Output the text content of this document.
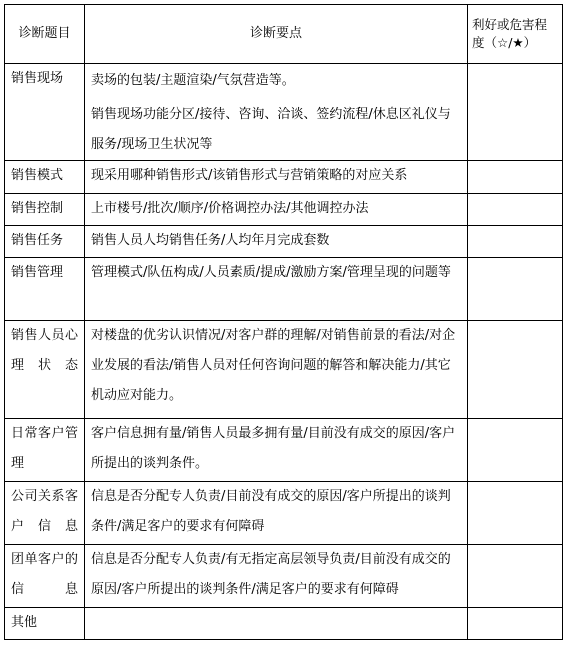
诊断题目	诊断要点	利好或危害程度（☆/★）
销售现场	卖场的包装/主题渲染/气氛营造等。
销售现场功能分区/接待、咨询、洽谈、签约流程/休息区礼仪与服务/现场卫生状况等	

销售模式	现采用哪种销售形式/该销售形式与营销策略的对应关系	
销售控制	上市楼号/批次/顺序/价格调控办法/其他调控办法	
销售任务	销售人员人均销售任务/人均年月完成套数	
销售管理	管理模式/队伍构成/人员素质/提成/激励方案/管理呈现的问题等	
销售人员心理状态	对楼盘的优劣认识情况/对客户群的理解/对销售前景的看法/对企业发展的看法/销售人员对任何咨询问题的解答和解决能力/其它机动应对能力。	
日常客户管理	客户信息拥有量/销售人员最多拥有量/目前没有成交的原因/客户所提出的谈判条件。	
公司关系客户信息	信息是否分配专人负责/目前没有成交的原因/客户所提出的谈判条件/满足客户的要求有何障碍	
团单客户的信息	信息是否分配专人负责/有无指定高层领导负责/目前没有成交的原因/客户所提出的谈判条件/满足客户的要求有何障碍	
其他		
